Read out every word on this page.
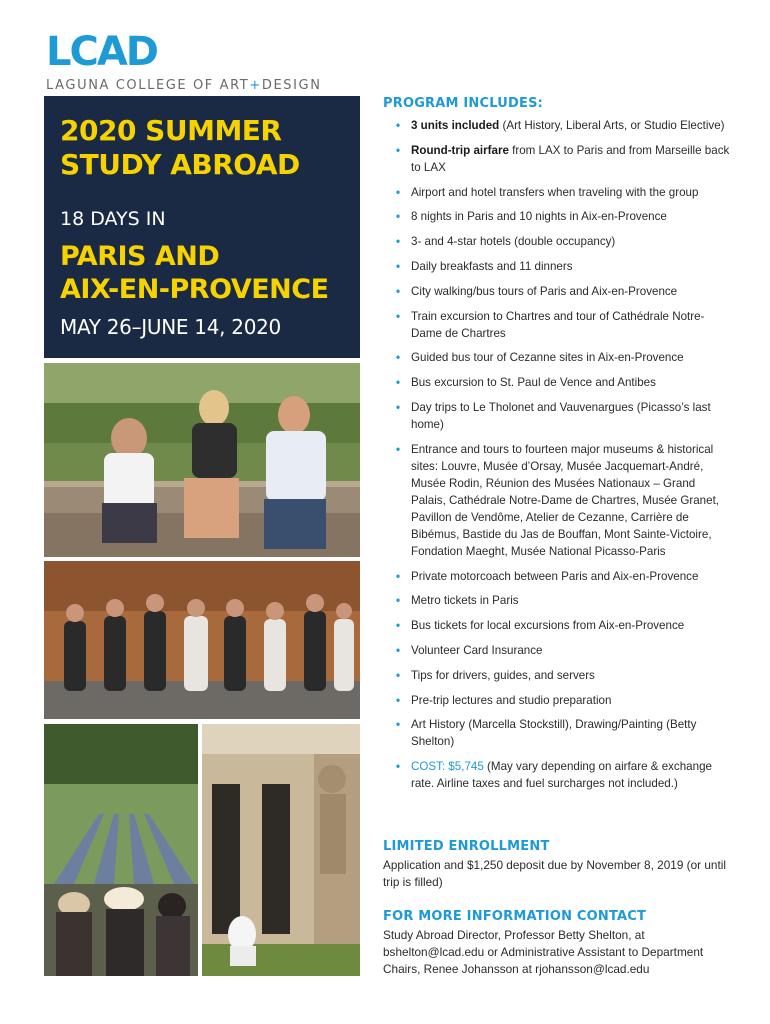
LCAD
LAGUNA COLLEGE OF ART+DESIGN
2020 SUMMER
STUDY ABROAD
18 DAYS IN
PARIS AND
AIX-EN-PROVENCE
MAY 26–JUNE 14, 2020
PROGRAM INCLUDES:
• 3 units included (Art History, Liberal Arts, or Studio Elective)
• Round-trip airfare from LAX to Paris and from Marseille back to LAX
• Airport and hotel transfers when traveling with the group
• 8 nights in Paris and 10 nights in Aix-en-Provence
• 3- and 4-star hotels (double occupancy)
• Daily breakfasts and 11 dinners
• City walking/bus tours of Paris and Aix-en-Provence
• Train excursion to Chartres and tour of Cathédrale Notre-Dame de Chartres
• Guided bus tour of Cezanne sites in Aix-en-Provence
• Bus excursion to St. Paul de Vence and Antibes
• Day trips to Le Tholonet and Vauvenargues (Picasso’s last home)
• Entrance and tours to fourteen major museums & historical sites: Louvre, Musée d’Orsay, Musée Jacquemart-André, Musée Rodin, Réunion des Musées Nationaux – Grand Palais, Cathédrale Notre-Dame de Chartres, Musée Granet, Pavillon de Vendôme, Atelier de Cezanne, Carrière de Bibémus, Bastide du Jas de Bouffan, Mont Sainte-Victoire, Fondation Maeght, Musée National Picasso-Paris
• Private motorcoach between Paris and Aix-en-Provence
• Metro tickets in Paris
• Bus tickets for local excursions from Aix-en-Provence
• Volunteer Card Insurance
• Tips for drivers, guides, and servers
• Pre-trip lectures and studio preparation
• Art History (Marcella Stockstill), Drawing/Painting (Betty Shelton)
• COST: $5,745 (May vary depending on airfare & exchange rate. Airline taxes and fuel surcharges not included.)
LIMITED ENROLLMENT
Application and $1,250 deposit due by November 8, 2019 (or until trip is filled)
FOR MORE INFORMATION CONTACT
Study Abroad Director, Professor Betty Shelton, at bshelton@lcad.edu or Administrative Assistant to Department Chairs, Renee Johansson at rjohansson@lcad.edu
